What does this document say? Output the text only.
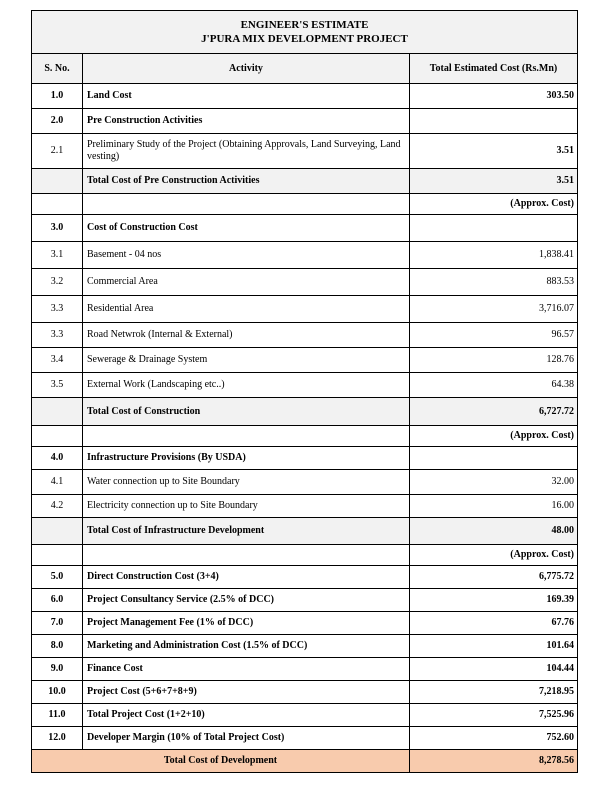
ENGINEER'S ESTIMATE
J'PURA MIX DEVELOPMENT PROJECT		

S. No.	Activity	Total Estimated Cost (Rs.Mn)
1.0	Land Cost	303.50
2.0	Pre Construction Activities	
2.1	Preliminary Study of the Project (Obtaining Approvals, Land Surveying, Land vesting)	3.51
	Total Cost of Pre Construction Activities	3.51
		(Approx. Cost)
3.0	Cost of Construction Cost	
3.1	Basement - 04 nos	1,838.41
3.2	Commercial Area	883.53
3.3	Residential Area	3,716.07
3.3	Road Netwrok (Internal & External)	96.57
3.4	Sewerage & Drainage System	128.76
3.5	External Work (Landscaping etc..)	64.38
	Total Cost of Construction	6,727.72
		(Approx. Cost)
4.0	Infrastructure Provisions (By USDA)	
4.1	Water connection up to Site Boundary	32.00
4.2	Electricity connection up to Site Boundary	16.00
	Total Cost of Infrastructure Development	48.00
		(Approx. Cost)
5.0	Direct Construction Cost (3+4)	6,775.72
6.0	Project Consultancy Service (2.5% of DCC)	169.39
7.0	Project Management Fee (1% of DCC)	67.76
8.0	Marketing and Administration Cost (1.5% of DCC)	101.64
9.0	Finance Cost	104.44
10.0	Project Cost (5+6+7+8+9)	7,218.95
11.0	Total Project Cost (1+2+10)	7,525.96
12.0	Developer Margin (10% of Total Project Cost)	752.60
Total Cost of Development		8,278.56
